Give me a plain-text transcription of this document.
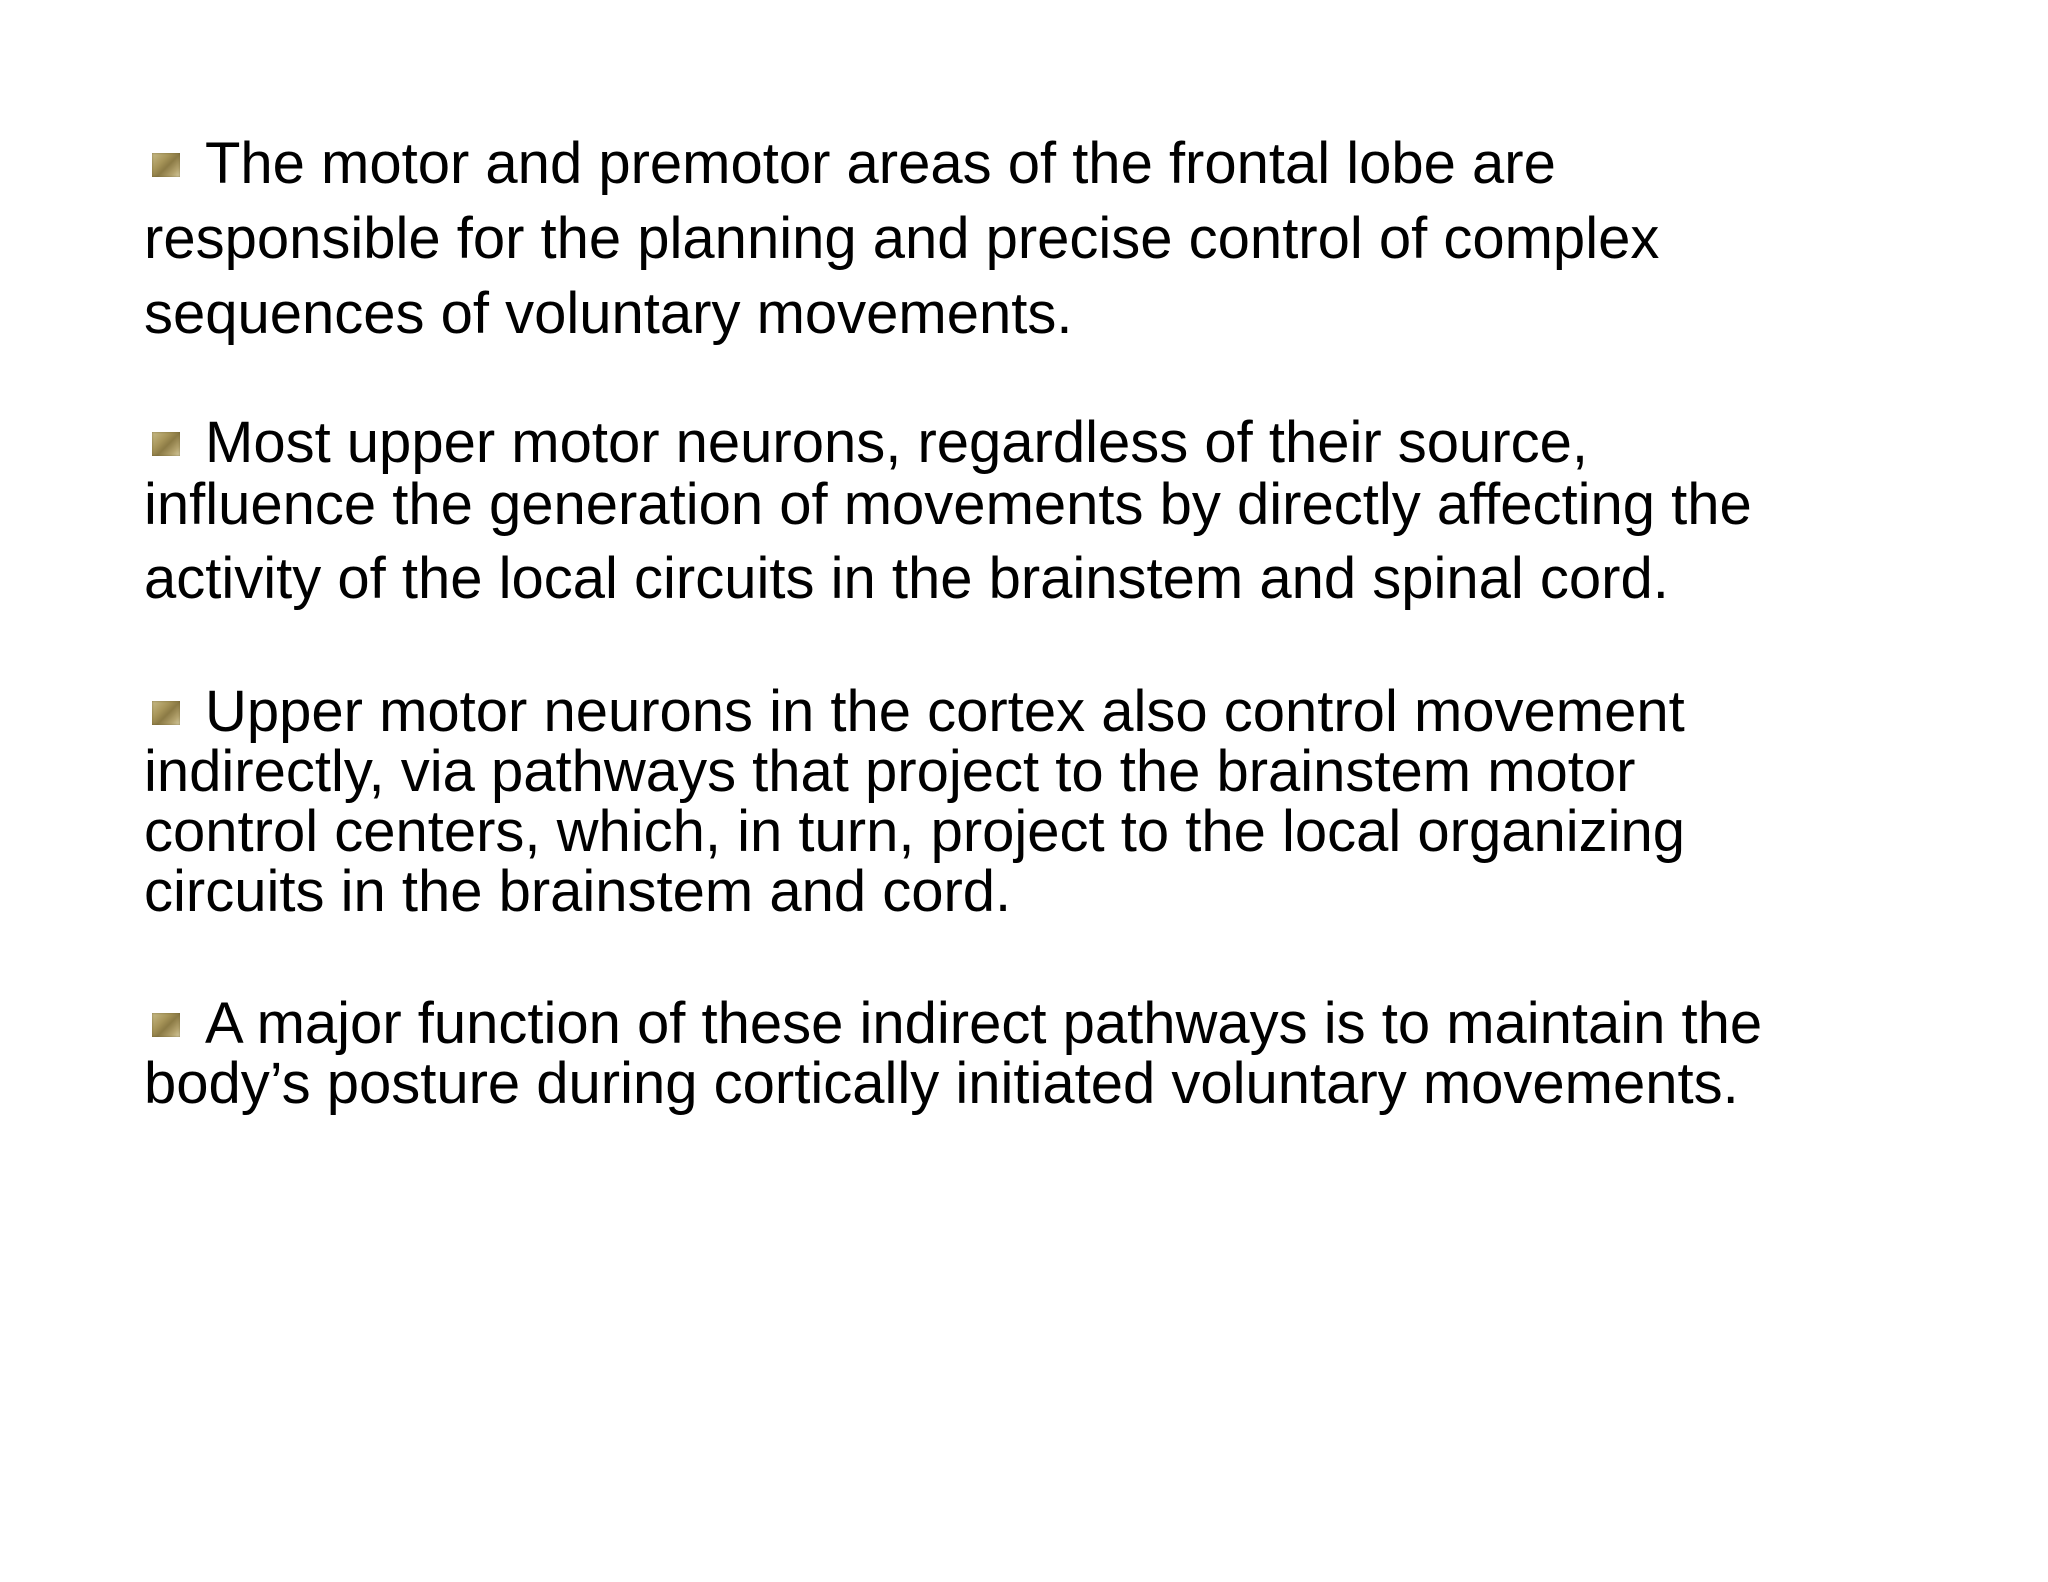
The motor and premotor areas of the frontal lobe are
responsible for the planning and precise control of complex
sequences of voluntary movements.
Most upper motor neurons, regardless of their source,
influence the generation of movements by directly affecting the
activity of the local circuits in the brainstem and spinal cord.
Upper motor neurons in the cortex also control movement
indirectly, via pathways that project to the brainstem motor
control centers, which, in turn, project to the local organizing
circuits in the brainstem and cord.
A major function of these indirect pathways is to maintain the
body’s posture during cortically initiated voluntary movements.
